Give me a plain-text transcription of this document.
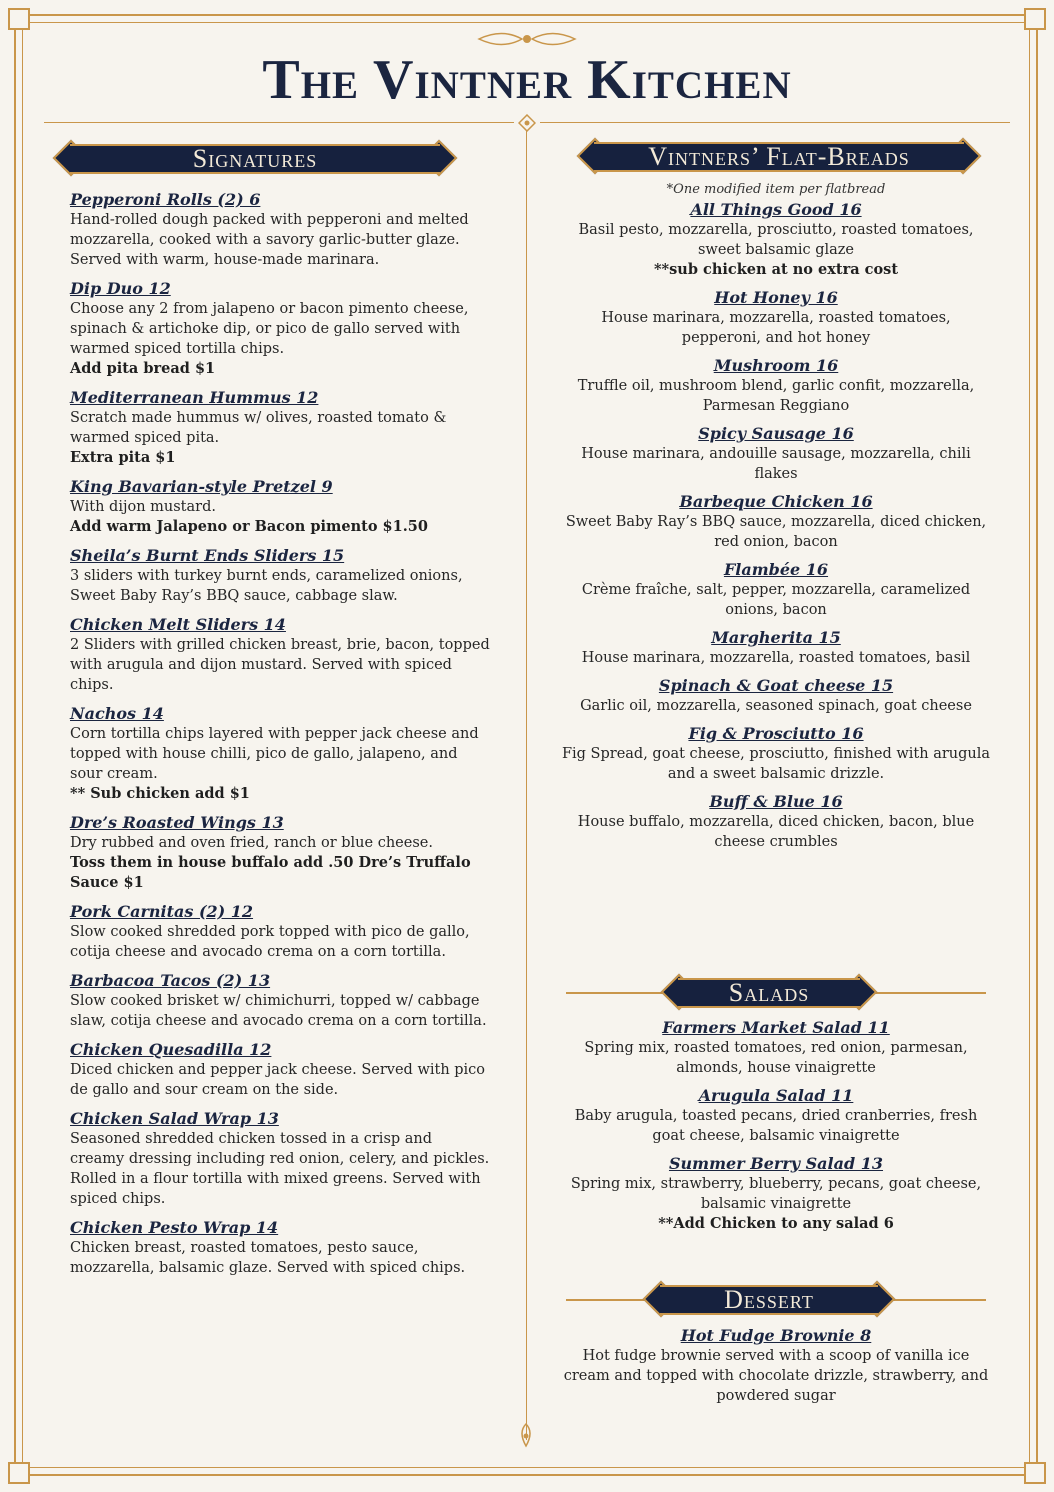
The Vintner Kitchen
Signatures	Vintners’ Flat-Breads
Salads
Dessert
Pepperoni Rolls (2) 6
Hand-rolled dough packed with pepperoni and melted mozzarella, cooked with a savory garlic-butter glaze. Served with warm, house-made marinara.
Dip Duo 12
Choose any 2 from jalapeno or bacon pimento cheese, spinach & artichoke dip, or pico de gallo served with warmed spiced tortilla chips.
Add pita bread $1
Mediterranean Hummus 12
Scratch made hummus w/ olives, roasted tomato & warmed spiced pita.
Extra pita $1
King Bavarian-style Pretzel 9
With dijon mustard.
Add warm Jalapeno or Bacon pimento $1.50
Sheila’s Burnt Ends Sliders 15
3 sliders with turkey burnt ends, caramelized onions, Sweet Baby Ray’s BBQ sauce, cabbage slaw.
Chicken Melt Sliders 14
2 Sliders with grilled chicken breast, brie, bacon, topped with arugula and dijon mustard. Served with spiced chips.
Nachos 14
Corn tortilla chips layered with pepper jack cheese and topped with house chilli, pico de gallo, jalapeno, and sour cream.
** Sub chicken add $1
Dre’s Roasted Wings 13
Dry rubbed and oven fried, ranch or blue cheese.
Toss them in house buffalo add .50 Dre’s Truffalo Sauce $1
Pork Carnitas (2) 12
Slow cooked shredded pork topped with pico de gallo, cotija cheese and avocado crema on a corn tortilla.
Barbacoa Tacos (2) 13
Slow cooked brisket w/ chimichurri, topped w/ cabbage slaw, cotija cheese and avocado crema on a corn tortilla.
Chicken Quesadilla 12
Diced chicken and pepper jack cheese. Served with pico de gallo and sour cream on the side.
Chicken Salad Wrap 13
Seasoned shredded chicken tossed in a crisp and creamy dressing including red onion, celery, and pickles. Rolled in a flour tortilla with mixed greens. Served with spiced chips.
Chicken Pesto Wrap 14
Chicken breast, roasted tomatoes, pesto sauce, mozzarella, balsamic glaze. Served with spiced chips.
*One modified item per flatbread
All Things Good 16
Basil pesto, mozzarella, prosciutto, roasted tomatoes, sweet balsamic glaze
**sub chicken at no extra cost
Hot Honey 16
House marinara, mozzarella, roasted tomatoes, pepperoni, and hot honey
Mushroom 16
Truffle oil, mushroom blend, garlic confit, mozzarella, Parmesan Reggiano
Spicy Sausage 16
House marinara, andouille sausage, mozzarella, chili flakes
Barbeque Chicken 16
Sweet Baby Ray’s BBQ sauce, mozzarella, diced chicken, red onion, bacon
Flambée 16
Crème fraîche, salt, pepper, mozzarella, caramelized onions, bacon
Margherita 15
House marinara, mozzarella, roasted tomatoes, basil
Spinach & Goat cheese 15
Garlic oil, mozzarella, seasoned spinach, goat cheese
Fig & Prosciutto 16
Fig Spread, goat cheese, prosciutto, finished with arugula and a sweet balsamic drizzle.
Buff & Blue 16
House buffalo, mozzarella, diced chicken, bacon, blue cheese crumbles
Farmers Market Salad 11
Spring mix, roasted tomatoes, red onion, parmesan, almonds, house vinaigrette
Arugula Salad 11
Baby arugula, toasted pecans, dried cranberries, fresh goat cheese, balsamic vinaigrette
Summer Berry Salad 13
Spring mix, strawberry, blueberry, pecans, goat cheese, balsamic vinaigrette
**Add Chicken to any salad 6
Hot Fudge Brownie 8
Hot fudge brownie served with a scoop of vanilla ice cream and topped with chocolate drizzle, strawberry, and powdered sugar
